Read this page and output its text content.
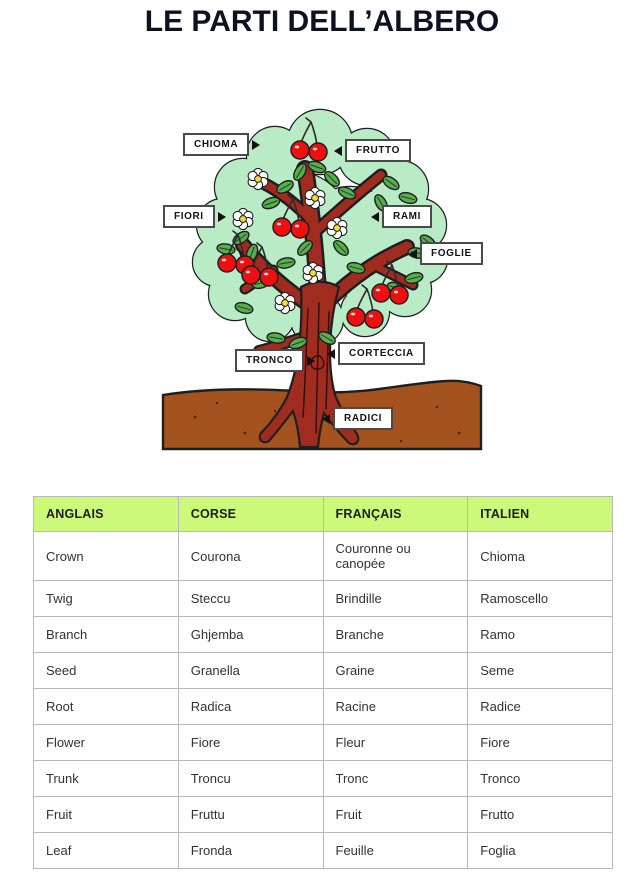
LE PARTI DELL’ALBERO
CHIOMA
FRUTTO
FIORI	RAMI
FOGLIE
TRONCO
CORTECCIA
RADICI
ANGLAIS	CORSE	FRANÇAIS	ITALIEN
Crown	Courona	Couronne ou canopée	Chioma
Twig	Steccu	Brindille	Ramoscello
Branch	Ghjemba	Branche	Ramo
Seed	Granella	Graine	Seme
Root	Radica	Racine	Radice
Flower	Fiore	Fleur	Fiore
Trunk	Troncu	Tronc	Tronco
Fruit	Fruttu	Fruit	Frutto
Leaf	Fronda	Feuille	Foglia
